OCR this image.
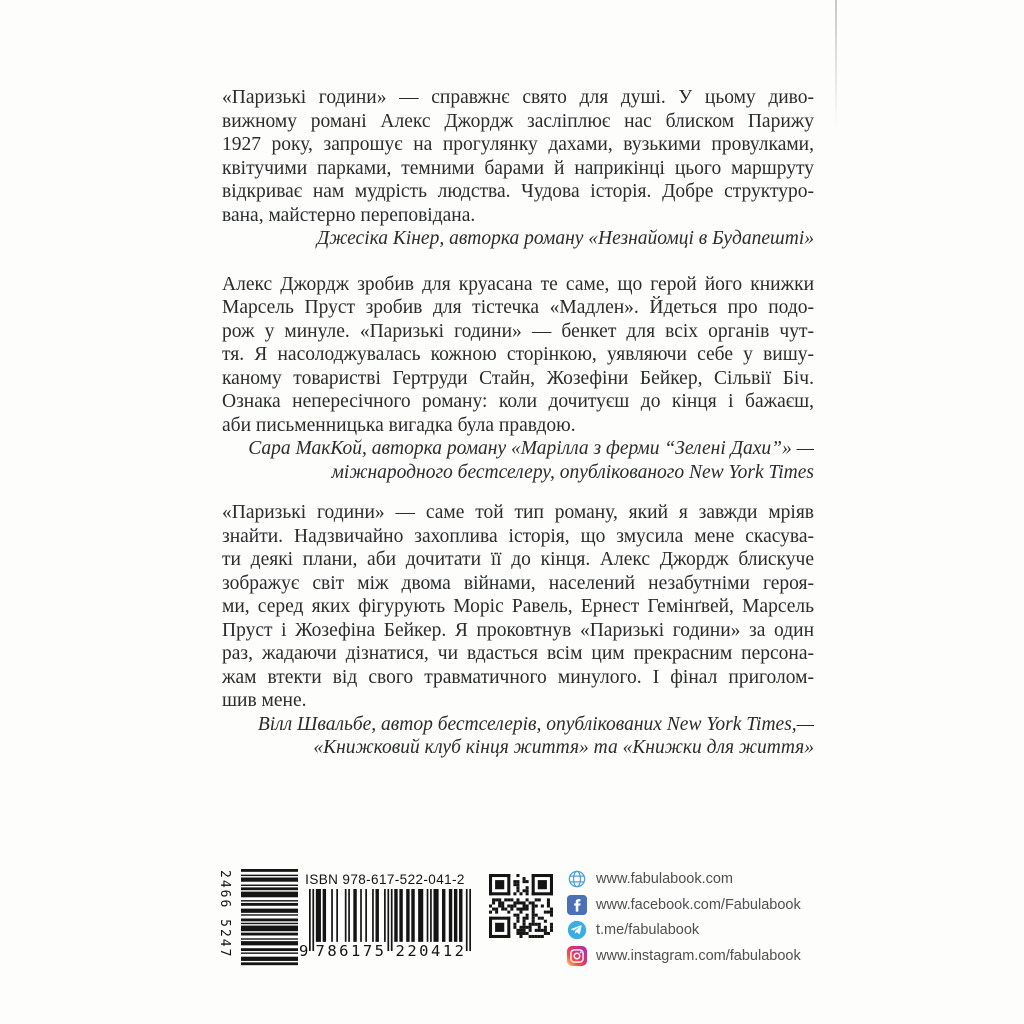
«Паризькі години» — справжнє свято для душі. У цьому диво-
вижному романі Алекс Джордж засліплює нас блиском Парижу
1927 року, запрошує на прогулянку дахами, вузькими провулками,
квітучими парками, темними барами й наприкінці цього маршруту
відкриває нам мудрість людства. Чудова історія. Добре структуро-
вана, майстерно переповідана.
Джесіка Кінер, авторка роману «Незнайомці в Будапешті»
Алекс Джордж зробив для круасана те саме, що герой його книжки
Марсель Пруст зробив для тістечка «Мадлен». Йдеться про подо-
рож у минуле. «Паризькі години» — бенкет для всіх органів чут-
тя. Я насолоджувалась кожною сторінкою, уявляючи себе у вишу-
каному товаристві Гертруди Стайн, Жозефіни Бейкер, Сільвії Біч.
Ознака непересічного роману: коли дочитуєш до кінця і бажаєш,
аби письменницька вигадка була правдою.
Сара МакКой, авторка роману «Марілла з ферми “Зелені Дахи”» —
міжнародного бестселеру, опублікованого New York Times
«Паризькі години» — саме той тип роману, який я завжди мріяв
знайти. Надзвичайно захоплива історія, що змусила мене скасува-
ти деякі плани, аби дочитати її до кінця. Алекс Джордж блискуче
зображує світ між двома війнами, населений незабутніми героя-
ми, серед яких фігурують Моріс Равель, Ернест Гемінґвей, Марсель
Пруст і Жозефіна Бейкер. Я проковтнув «Паризькі години» за один
раз, жадаючи дізнатися, чи вдасться всім цим прекрасним персона-
жам втекти від свого травматичного минулого. І фінал приголом-
шив мене.
Вілл Швальбе, автор бестселерів, опублікованих New York Times,—
«Книжковий клуб кінця життя» та «Книжки для життя»
2466 5247	ISBN 978-617-522-041-2
9 786175 220412
www.fabulabook.com
www.facebook.com/Fabulabook
t.me/fabulabook
www.instagram.com/fabulabook
